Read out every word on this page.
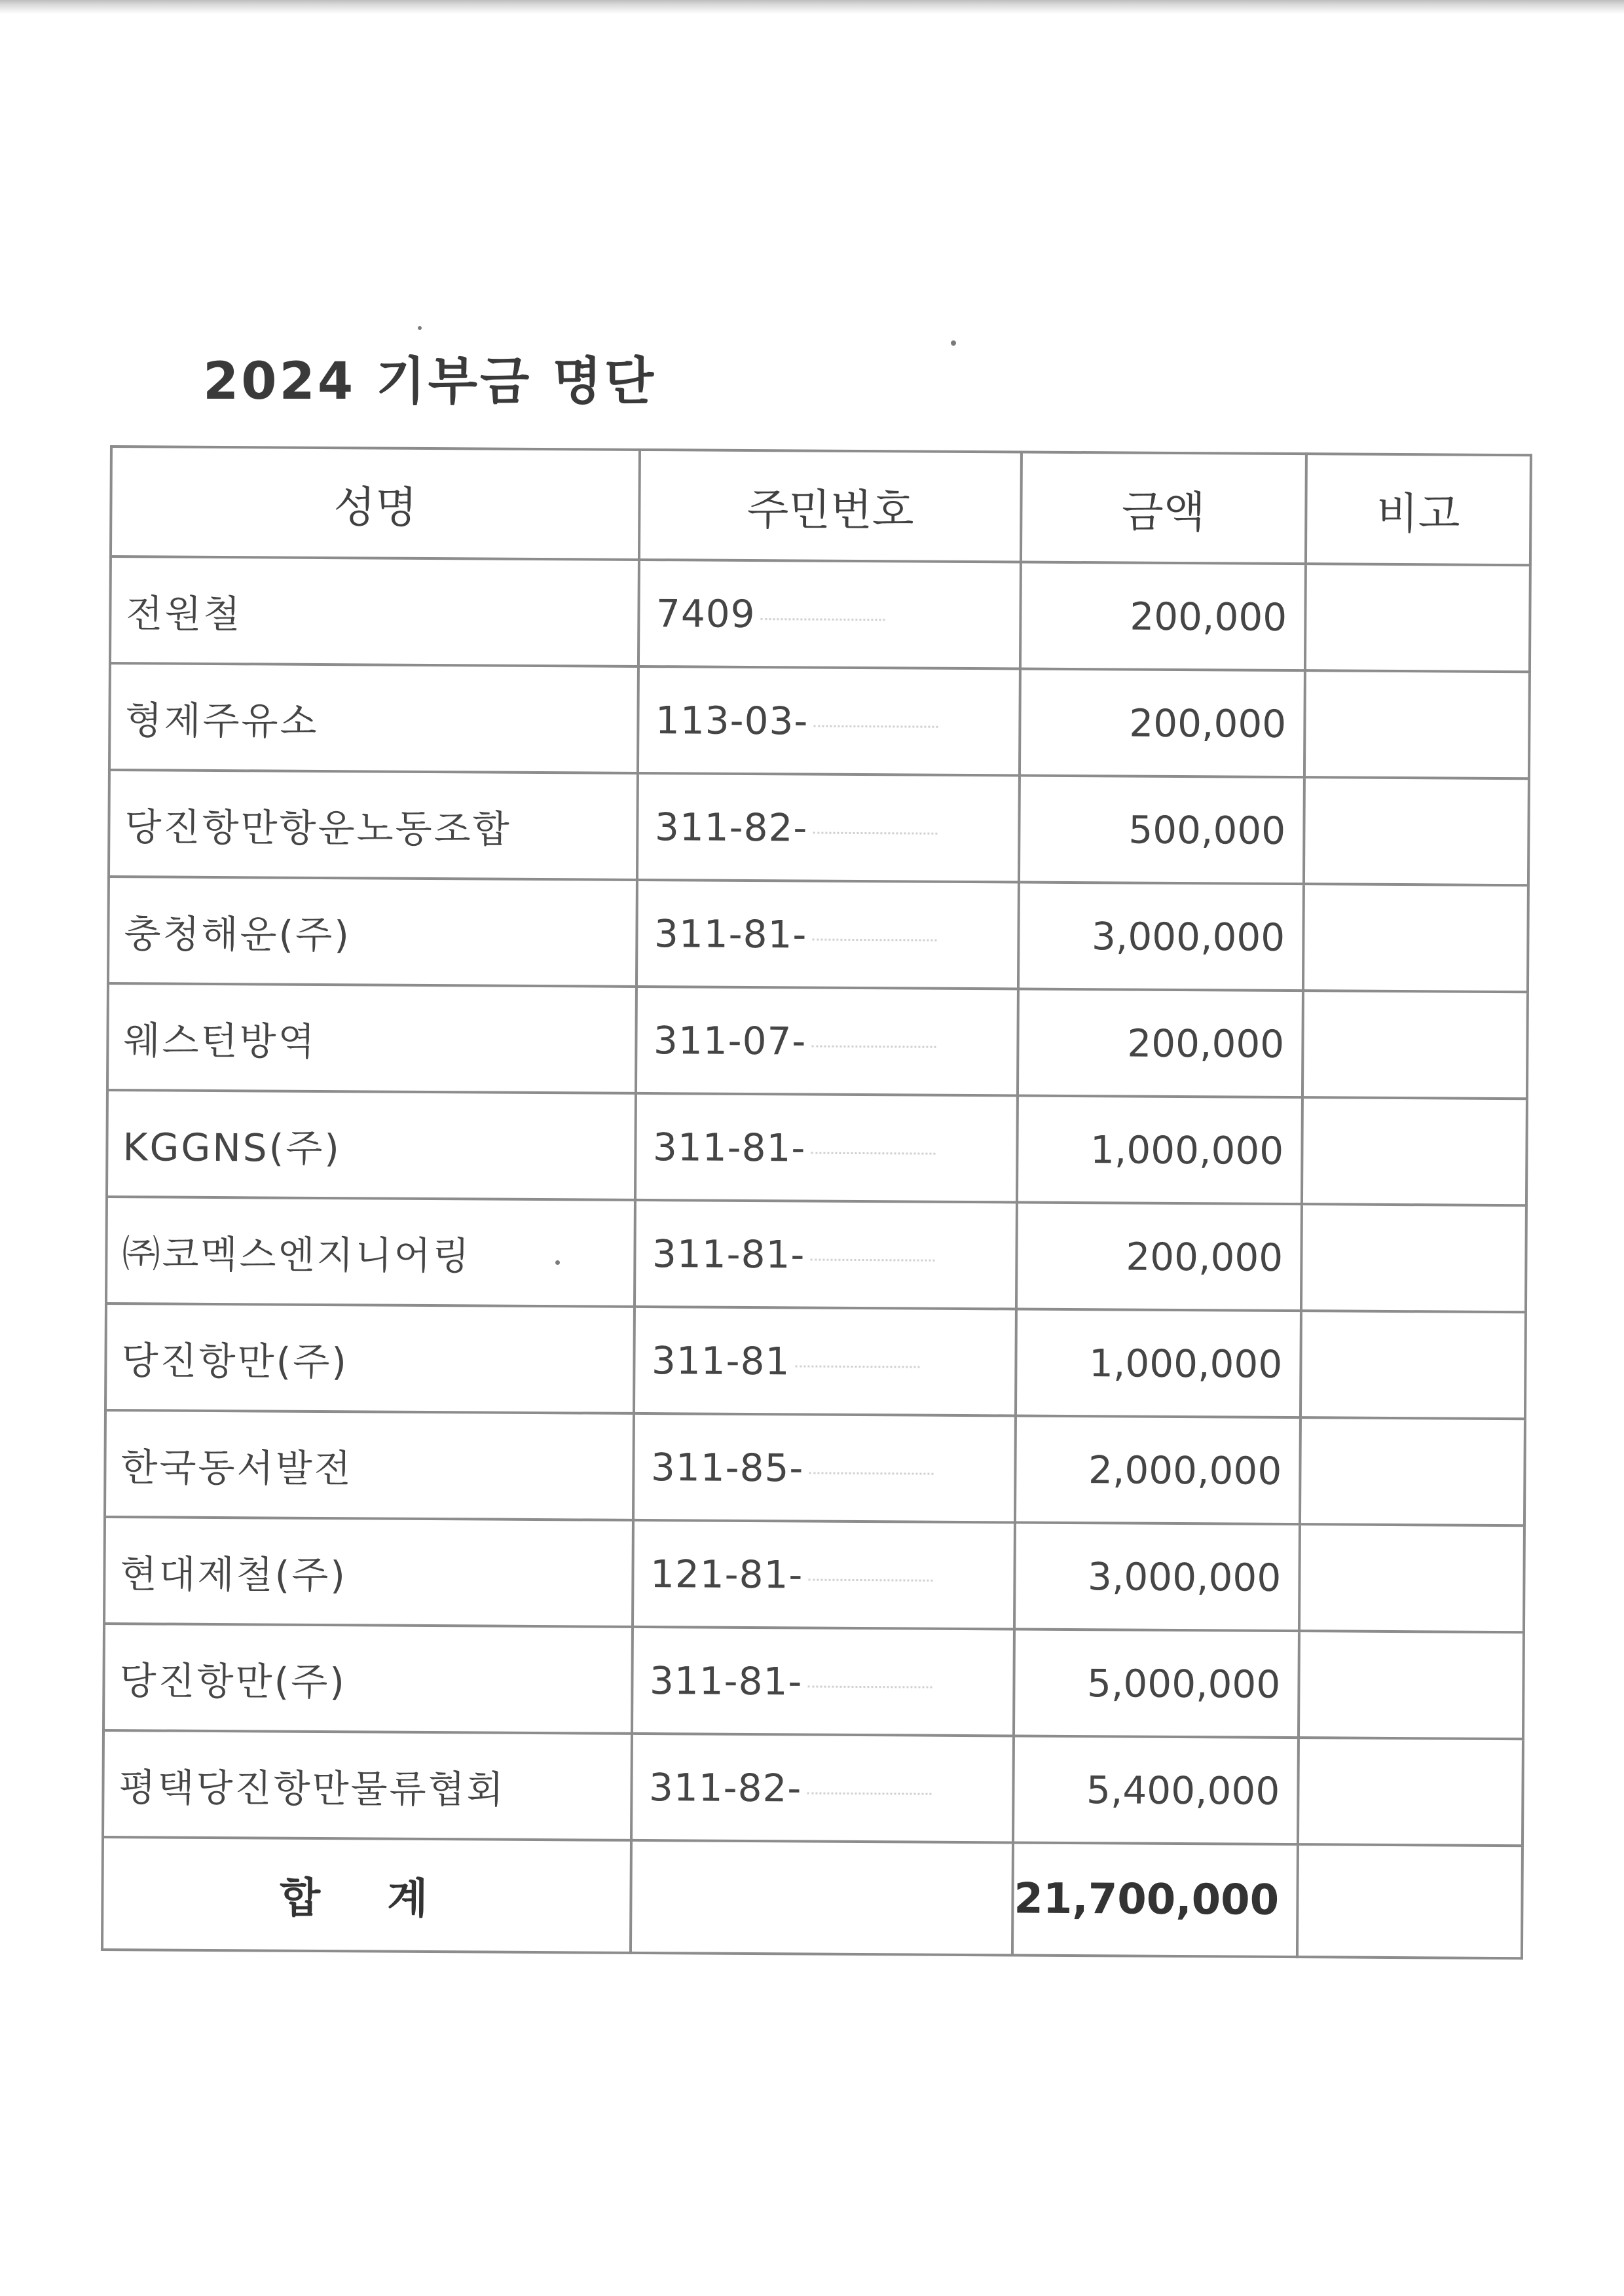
2024 기부금 명단
성명	주민번호	금액	비고
전원철	7409	200,000	
형제주유소	113-03-	200,000	
당진항만항운노동조합	311-82-	500,000	
충청해운(주)	311-81-	3,000,000	
웨스턴방역	311-07-	200,000	
KGGNS(주)	311-81-	1,000,000	
㈜코멕스엔지니어링	311-81-	200,000	
당진항만(주)	311-81	1,000,000	
한국동서발전	311-85-	2,000,000	
현대제철(주)	121-81-	3,000,000	
당진항만(주)	311-81-	5,000,000	
평택당진항만물류협회	311-82-	5,400,000	
합 계		21,700,000	
